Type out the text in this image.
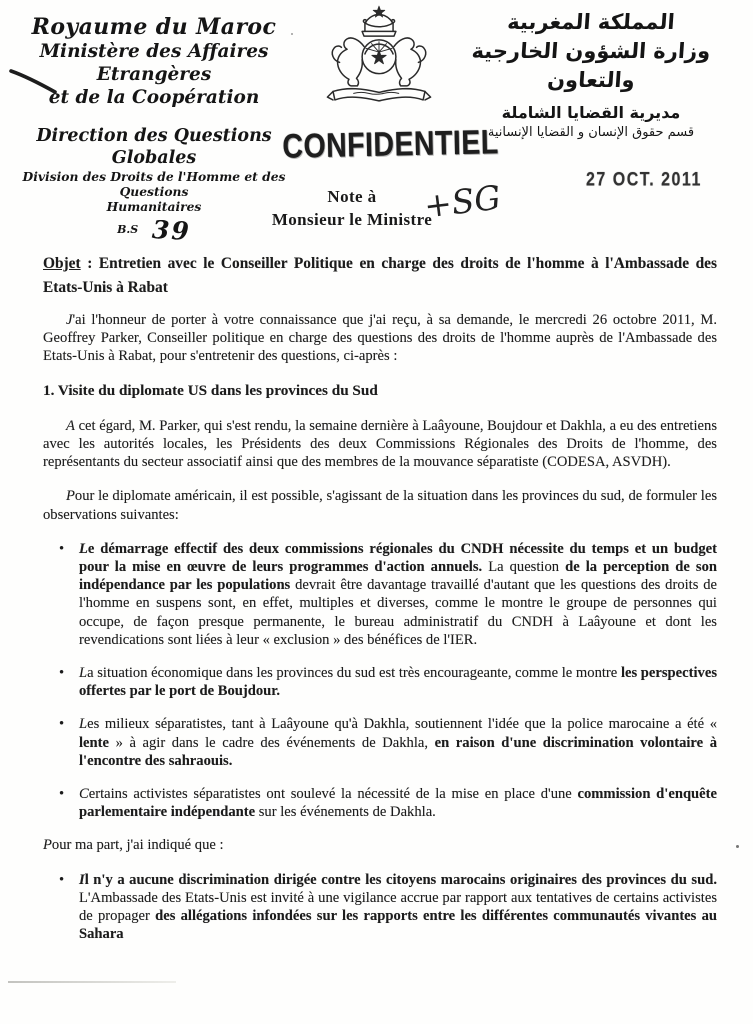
Royaume du Maroc
Ministère des Affaires Etrangères
et de la Coopération
Direction des Questions Globales
Division des Droits de l'Homme et des Questions
Humanitaires
B.S 39
المملكة المغربية
وزارة الشؤون الخارجية
والتعاون
مديرية القضايا الشاملة
قسم حقوق الإنسان و القضايا الإنسانية
CONFIDENTIEL
27 OCT. 2011
Note à
Monsieur le Ministre
+SG

Objet : Entretien avec le Conseiller Politique en charge des droits de l'homme à l'Ambassade des Etats-Unis à Rabat

J'ai l'honneur de porter à votre connaissance que j'ai reçu, à sa demande, le mercredi 26 octobre 2011, M. Geoffrey Parker, Conseiller politique en charge des questions des droits de l'homme auprès de l'Ambassade des Etats-Unis à Rabat, pour s'entretenir des questions, ci-après :

1. Visite du diplomate US dans les provinces du Sud

A cet égard, M. Parker, qui s'est rendu, la semaine dernière à Laâyoune, Boujdour et Dakhla, a eu des entretiens avec les autorités locales, les Présidents des deux Commissions Régionales des Droits de l'homme, des représentants du secteur associatif ainsi que des membres de la mouvance séparatiste (CODESA, ASVDH).

Pour le diplomate américain, il est possible, s'agissant de la situation dans les provinces du sud, de formuler les observations suivantes:

• Le démarrage effectif des deux commissions régionales du CNDH nécessite du temps et un budget pour la mise en œuvre de leurs programmes d'action annuels. La question de la perception de son indépendance par les populations devrait être davantage travaillé d'autant que les questions des droits de l'homme en suspens sont, en effet, multiples et diverses, comme le montre le groupe de personnes qui occupe, de façon presque permanente, le bureau administratif du CNDH à Laâyoune et dont les revendications sont liées à leur « exclusion » des bénéfices de l'IER.
• La situation économique dans les provinces du sud est très encourageante, comme le montre les perspectives offertes par le port de Boujdour.
• Les milieux séparatistes, tant à Laâyoune qu'à Dakhla, soutiennent l'idée que la police marocaine a été « lente » à agir dans le cadre des événements de Dakhla, en raison d'une discrimination volontaire à l'encontre des sahraouis.
• Certains activistes séparatistes ont soulevé la nécessité de la mise en place d'une commission d'enquête parlementaire indépendante sur les événements de Dakhla.

Pour ma part, j'ai indiqué que :

• Il n'y a aucune discrimination dirigée contre les citoyens marocains originaires des provinces du sud. L'Ambassade des Etats-Unis est invité à une vigilance accrue par rapport aux tentatives de certains activistes de propager des allégations infondées sur les rapports entre les différentes communautés vivantes au Sahara
